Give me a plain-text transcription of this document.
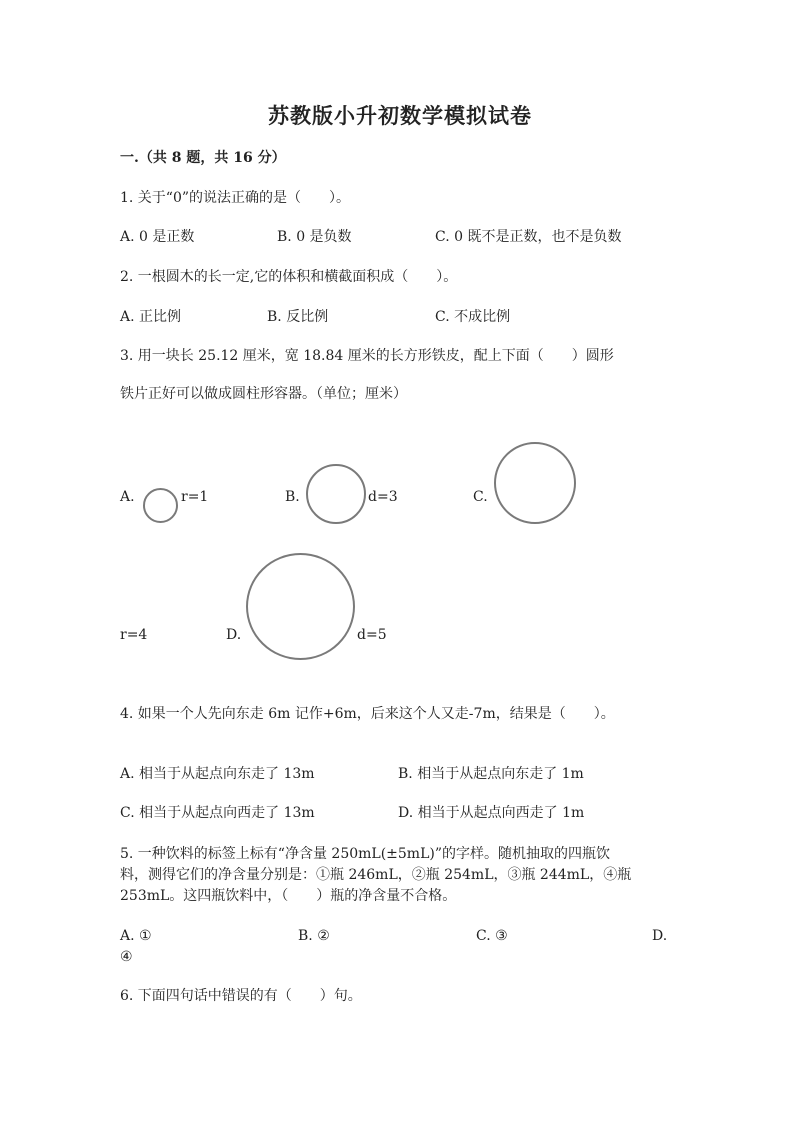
苏教版小升初数学模拟试卷
一.（共 8 题，共 16 分）
1. 关于“0”的说法正确的是（　　）。
A. 0 是正数	B. 0 是负数	C. 0 既不是正数，也不是负数
2. 一根圆木的长一定,它的体积和横截面积成（　　）。
A. 正比例	B. 反比例	C. 不成比例
3. 用一块长 25.12 厘米，宽 18.84 厘米的长方形铁皮，配上下面（　　）圆形
铁片正好可以做成圆柱形容器。（单位；厘米）
A.	r=1	B.	d=3	C.
r=4	D.	d=5
4. 如果一个人先向东走 6m 记作+6m，后来这个人又走-7m，结果是（　　）。
A. 相当于从起点向东走了 13m	B. 相当于从起点向东走了 1m
C. 相当于从起点向西走了 13m	D. 相当于从起点向西走了 1m
5. 一种饮料的标签上标有“净含量 250mL(±5mL)”的字样。随机抽取的四瓶饮
料，测得它们的净含量分别是：①瓶 246mL，②瓶 254mL，③瓶 244mL，④瓶
253mL。这四瓶饮料中，（　　）瓶的净含量不合格。
A. ①	B. ②	C. ③	D.
④
6. 下面四句话中错误的有（　　）句。
